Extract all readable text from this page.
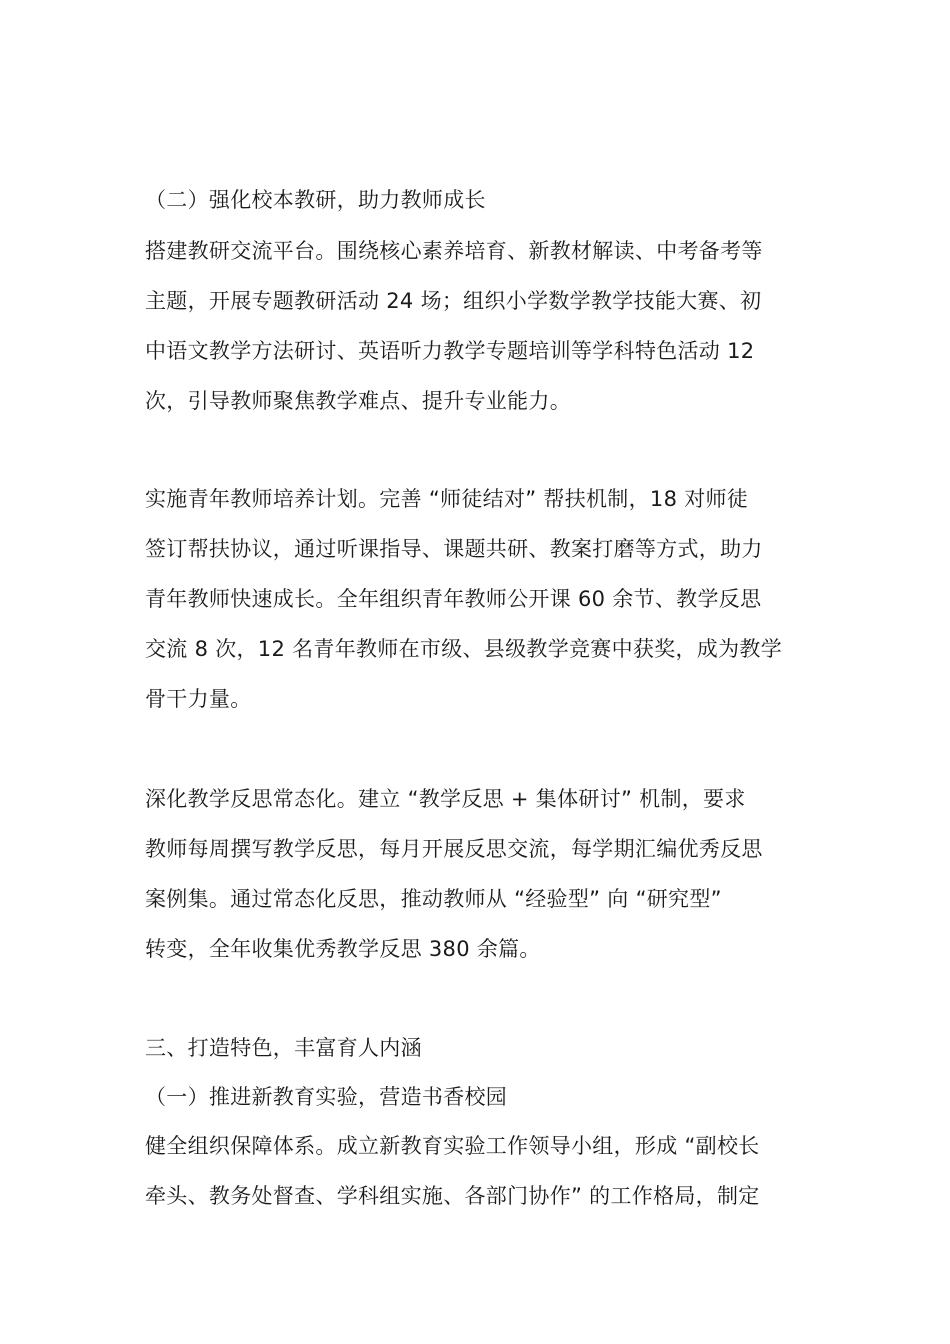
（二）强化校本教研，助力教师成长
搭建教研交流平台。围绕核心素养培育、新教材解读、中考备考等
主题，开展专题教研活动 24 场；组织小学数学教学技能大赛、初
中语文教学方法研讨、英语听力教学专题培训等学科特色活动 12
次，引导教师聚焦教学难点、提升专业能力。
实施青年教师培养计划。完善 “师徒结对” 帮扶机制，18 对师徒
签订帮扶协议，通过听课指导、课题共研、教案打磨等方式，助力
青年教师快速成长。全年组织青年教师公开课 60 余节、教学反思
交流 8 次，12 名青年教师在市级、县级教学竞赛中获奖，成为教学
骨干力量。
深化教学反思常态化。建立 “教学反思 + 集体研讨” 机制，要求
教师每周撰写教学反思，每月开展反思交流，每学期汇编优秀反思
案例集。通过常态化反思，推动教师从 “经验型” 向 “研究型”
转变，全年收集优秀教学反思 380 余篇。
三、打造特色，丰富育人内涵
（一）推进新教育实验，营造书香校园
健全组织保障体系。成立新教育实验工作领导小组，形成 “副校长
牵头、教务处督查、学科组实施、各部门协作” 的工作格局，制定
